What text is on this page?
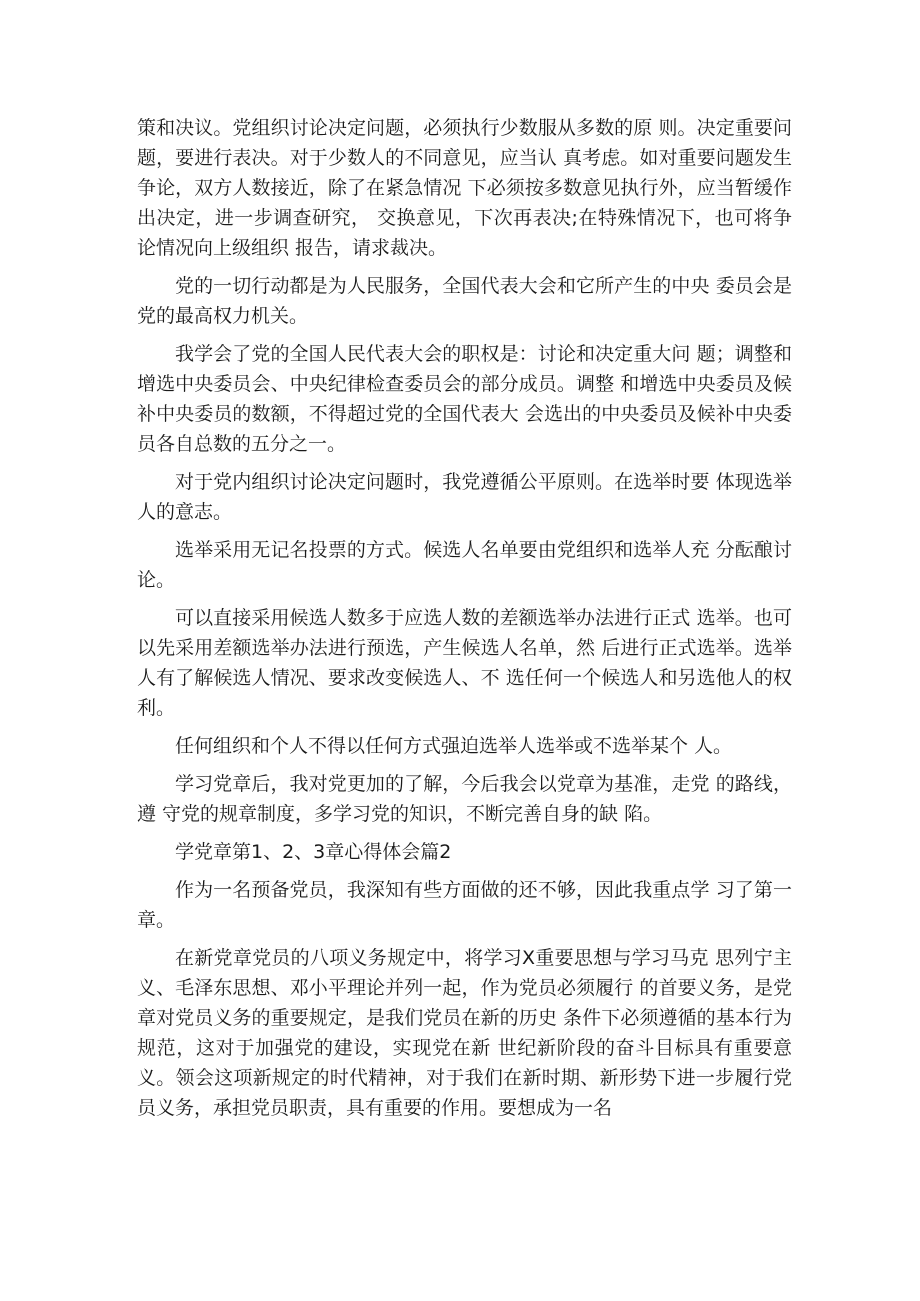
策和决议。党组织讨论决定问题，必须执行少数服从多数的原 则。决定重要问题，要进行表决。对于少数人的不同意见，应当认 真考虑。如对重要问题发生争论，双方人数接近，除了在紧急情况 下必须按多数意见执行外，应当暂缓作出决定，进一步调查研究， 交换意见，下次再表决;在特殊情况下，也可将争论情况向上级组织 报告，请求裁决。

党的一切行动都是为人民服务，全国代表大会和它所产生的中央 委员会是党的最高权力机关。

我学会了党的全国人民代表大会的职权是：讨论和决定重大问 题；调整和增选中央委员会、中央纪律检查委员会的部分成员。调整 和增选中央委员及候补中央委员的数额，不得超过党的全国代表大 会选出的中央委员及候补中央委员各自总数的五分之一。

对于党内组织讨论决定问题时，我党遵循公平原则。在选举时要 体现选举人的意志。

选举采用无记名投票的方式。候选人名单要由党组织和选举人充 分酝酿讨论。

可以直接采用候选人数多于应选人数的差额选举办法进行正式 选举。也可以先采用差额选举办法进行预选，产生候选人名单，然 后进行正式选举。选举人有了解候选人情况、要求改变候选人、不 选任何一个候选人和另选他人的权利。

任何组织和个人不得以任何方式强迫选举人选举或不选举某个 人。

学习党章后，我对党更加的了解，今后我会以党章为基准，走党 的路线，遵 守党的规章制度，多学习党的知识，不断完善自身的缺 陷。

学党章第1、2、3章心得体会篇2

作为一名预备党员，我深知有些方面做的还不够，因此我重点学 习了第一章。

在新党章党员的八项义务规定中，将学习X重要思想与学习马克 思列宁主义、毛泽东思想、邓小平理论并列一起，作为党员必须履行 的首要义务，是党章对党员义务的重要规定，是我们党员在新的历史 条件下必须遵循的基本行为规范，这对于加强党的建设，实现党在新 世纪新阶段的奋斗目标具有重要意义。领会这项新规定的时代精神，对于我们在新时期、新形势下进一步履行党员义务，承担党员职责，具有重要的作用。要想成为一名
